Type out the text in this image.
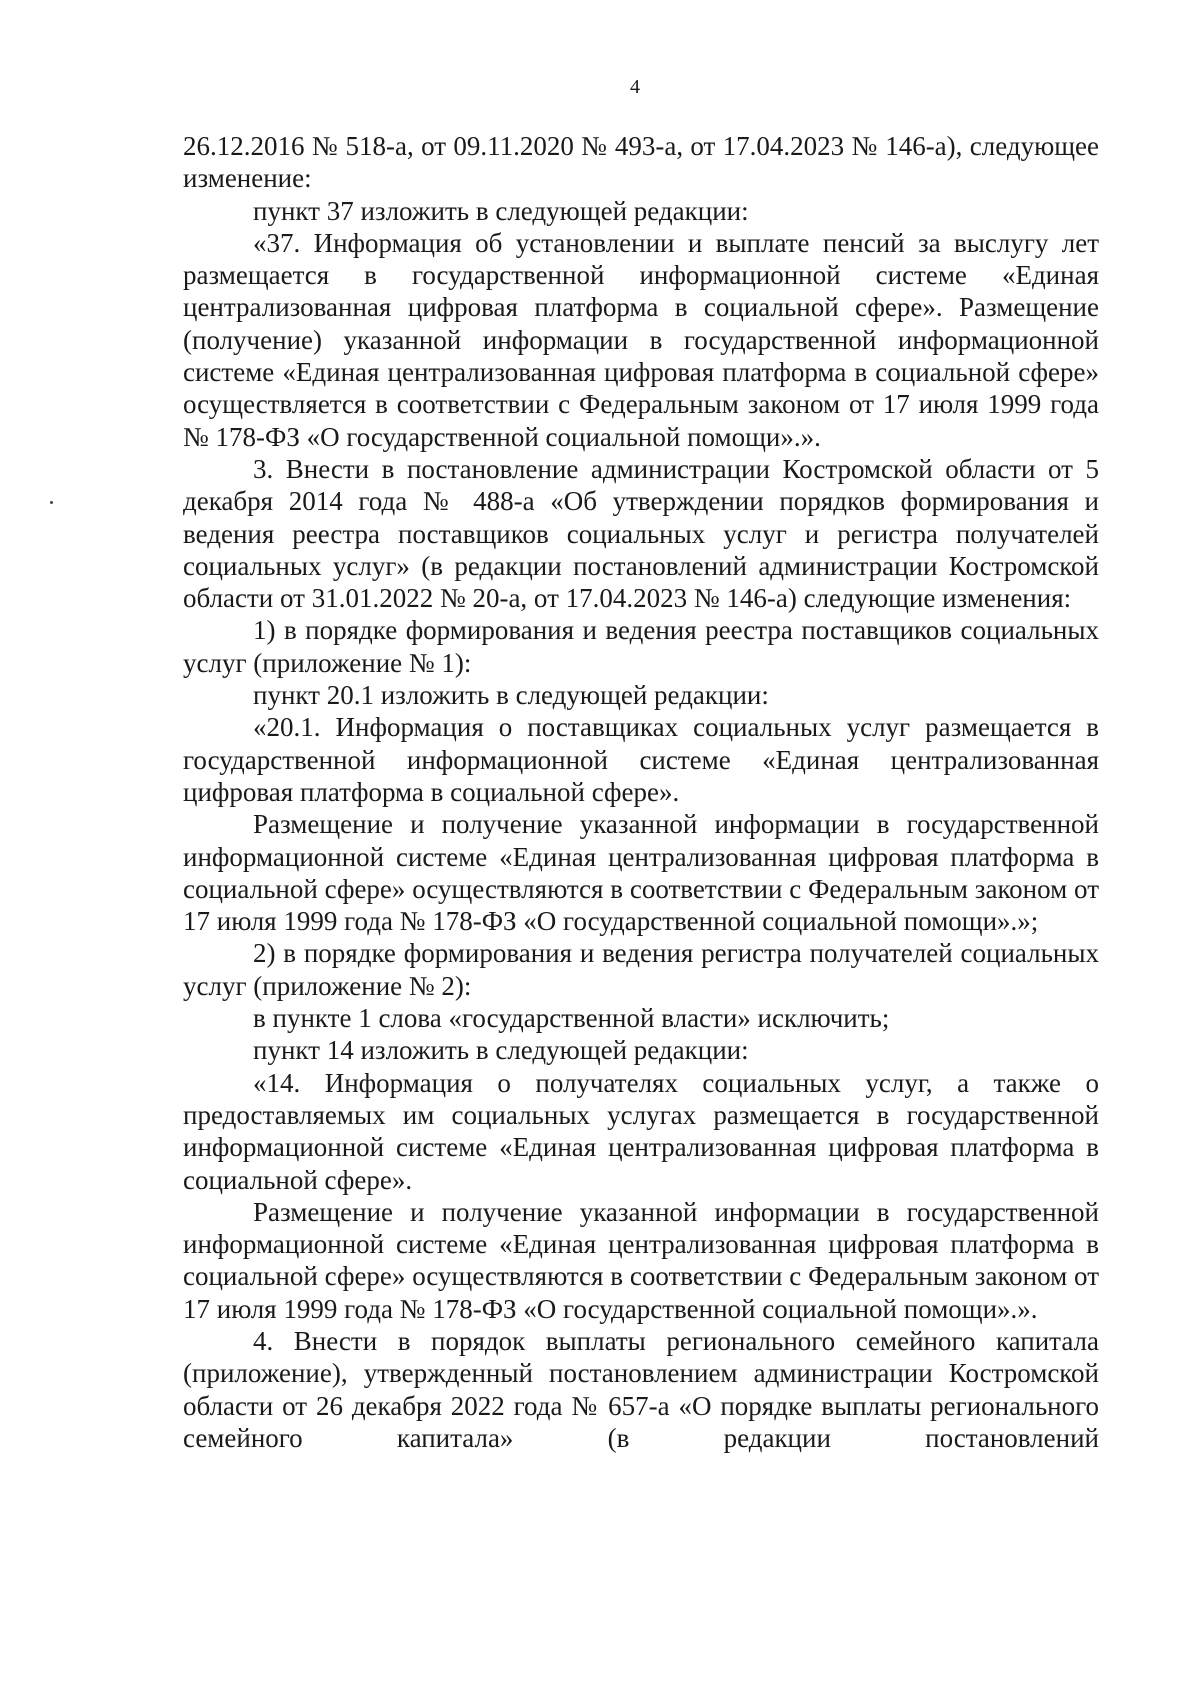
4

26.12.2016 № 518-а, от 09.11.2020 № 493-а, от 17.04.2023 № 146-а), следующее изменение:

пункт 37 изложить в следующей редакции:

«37. Информация об установлении и выплате пенсий за выслугу лет размещается в государственной информационной системе «Единая централизованная цифровая платформа в социальной сфере». Размещение (получение) указанной информации в государственной информационной системе «Единая централизованная цифровая платформа в социальной сфере» осуществляется в соответствии с Федеральным законом от 17 июля 1999 года № 178-ФЗ «О государственной социальной помощи».».

3. Внести в постановление администрации Костромской области от 5 декабря 2014 года № 488-а «Об утверждении порядков формирования и ведения реестра поставщиков социальных услуг и регистра получателей социальных услуг» (в редакции постановлений администрации Костромской области от 31.01.2022 № 20-а, от 17.04.2023 № 146-а) следующие изменения:

1) в порядке формирования и ведения реестра поставщиков социальных услуг (приложение № 1):

пункт 20.1 изложить в следующей редакции:

«20.1. Информация о поставщиках социальных услуг размещается в государственной информационной системе «Единая централизованная цифровая платформа в социальной сфере».

Размещение и получение указанной информации в государственной информационной системе «Единая централизованная цифровая платформа в социальной сфере» осуществляются в соответствии с Федеральным законом от 17 июля 1999 года № 178-ФЗ «О государственной социальной помощи».»;

2) в порядке формирования и ведения регистра получателей социальных услуг (приложение № 2):

в пункте 1 слова «государственной власти» исключить;

пункт 14 изложить в следующей редакции:

«14. Информация о получателях социальных услуг, а также о предоставляемых им социальных услугах размещается в государственной информационной системе «Единая централизованная цифровая платформа в социальной сфере».

Размещение и получение указанной информации в государственной информационной системе «Единая централизованная цифровая платформа в социальной сфере» осуществляются в соответствии с Федеральным законом от 17 июля 1999 года № 178-ФЗ «О государственной социальной помощи».».

4. Внести в порядок выплаты регионального семейного капитала (приложение), утвержденный постановлением администрации Костромской области от 26 декабря 2022 года № 657-а «О порядке выплаты регионального семейного капитала» (в редакции постановлений
